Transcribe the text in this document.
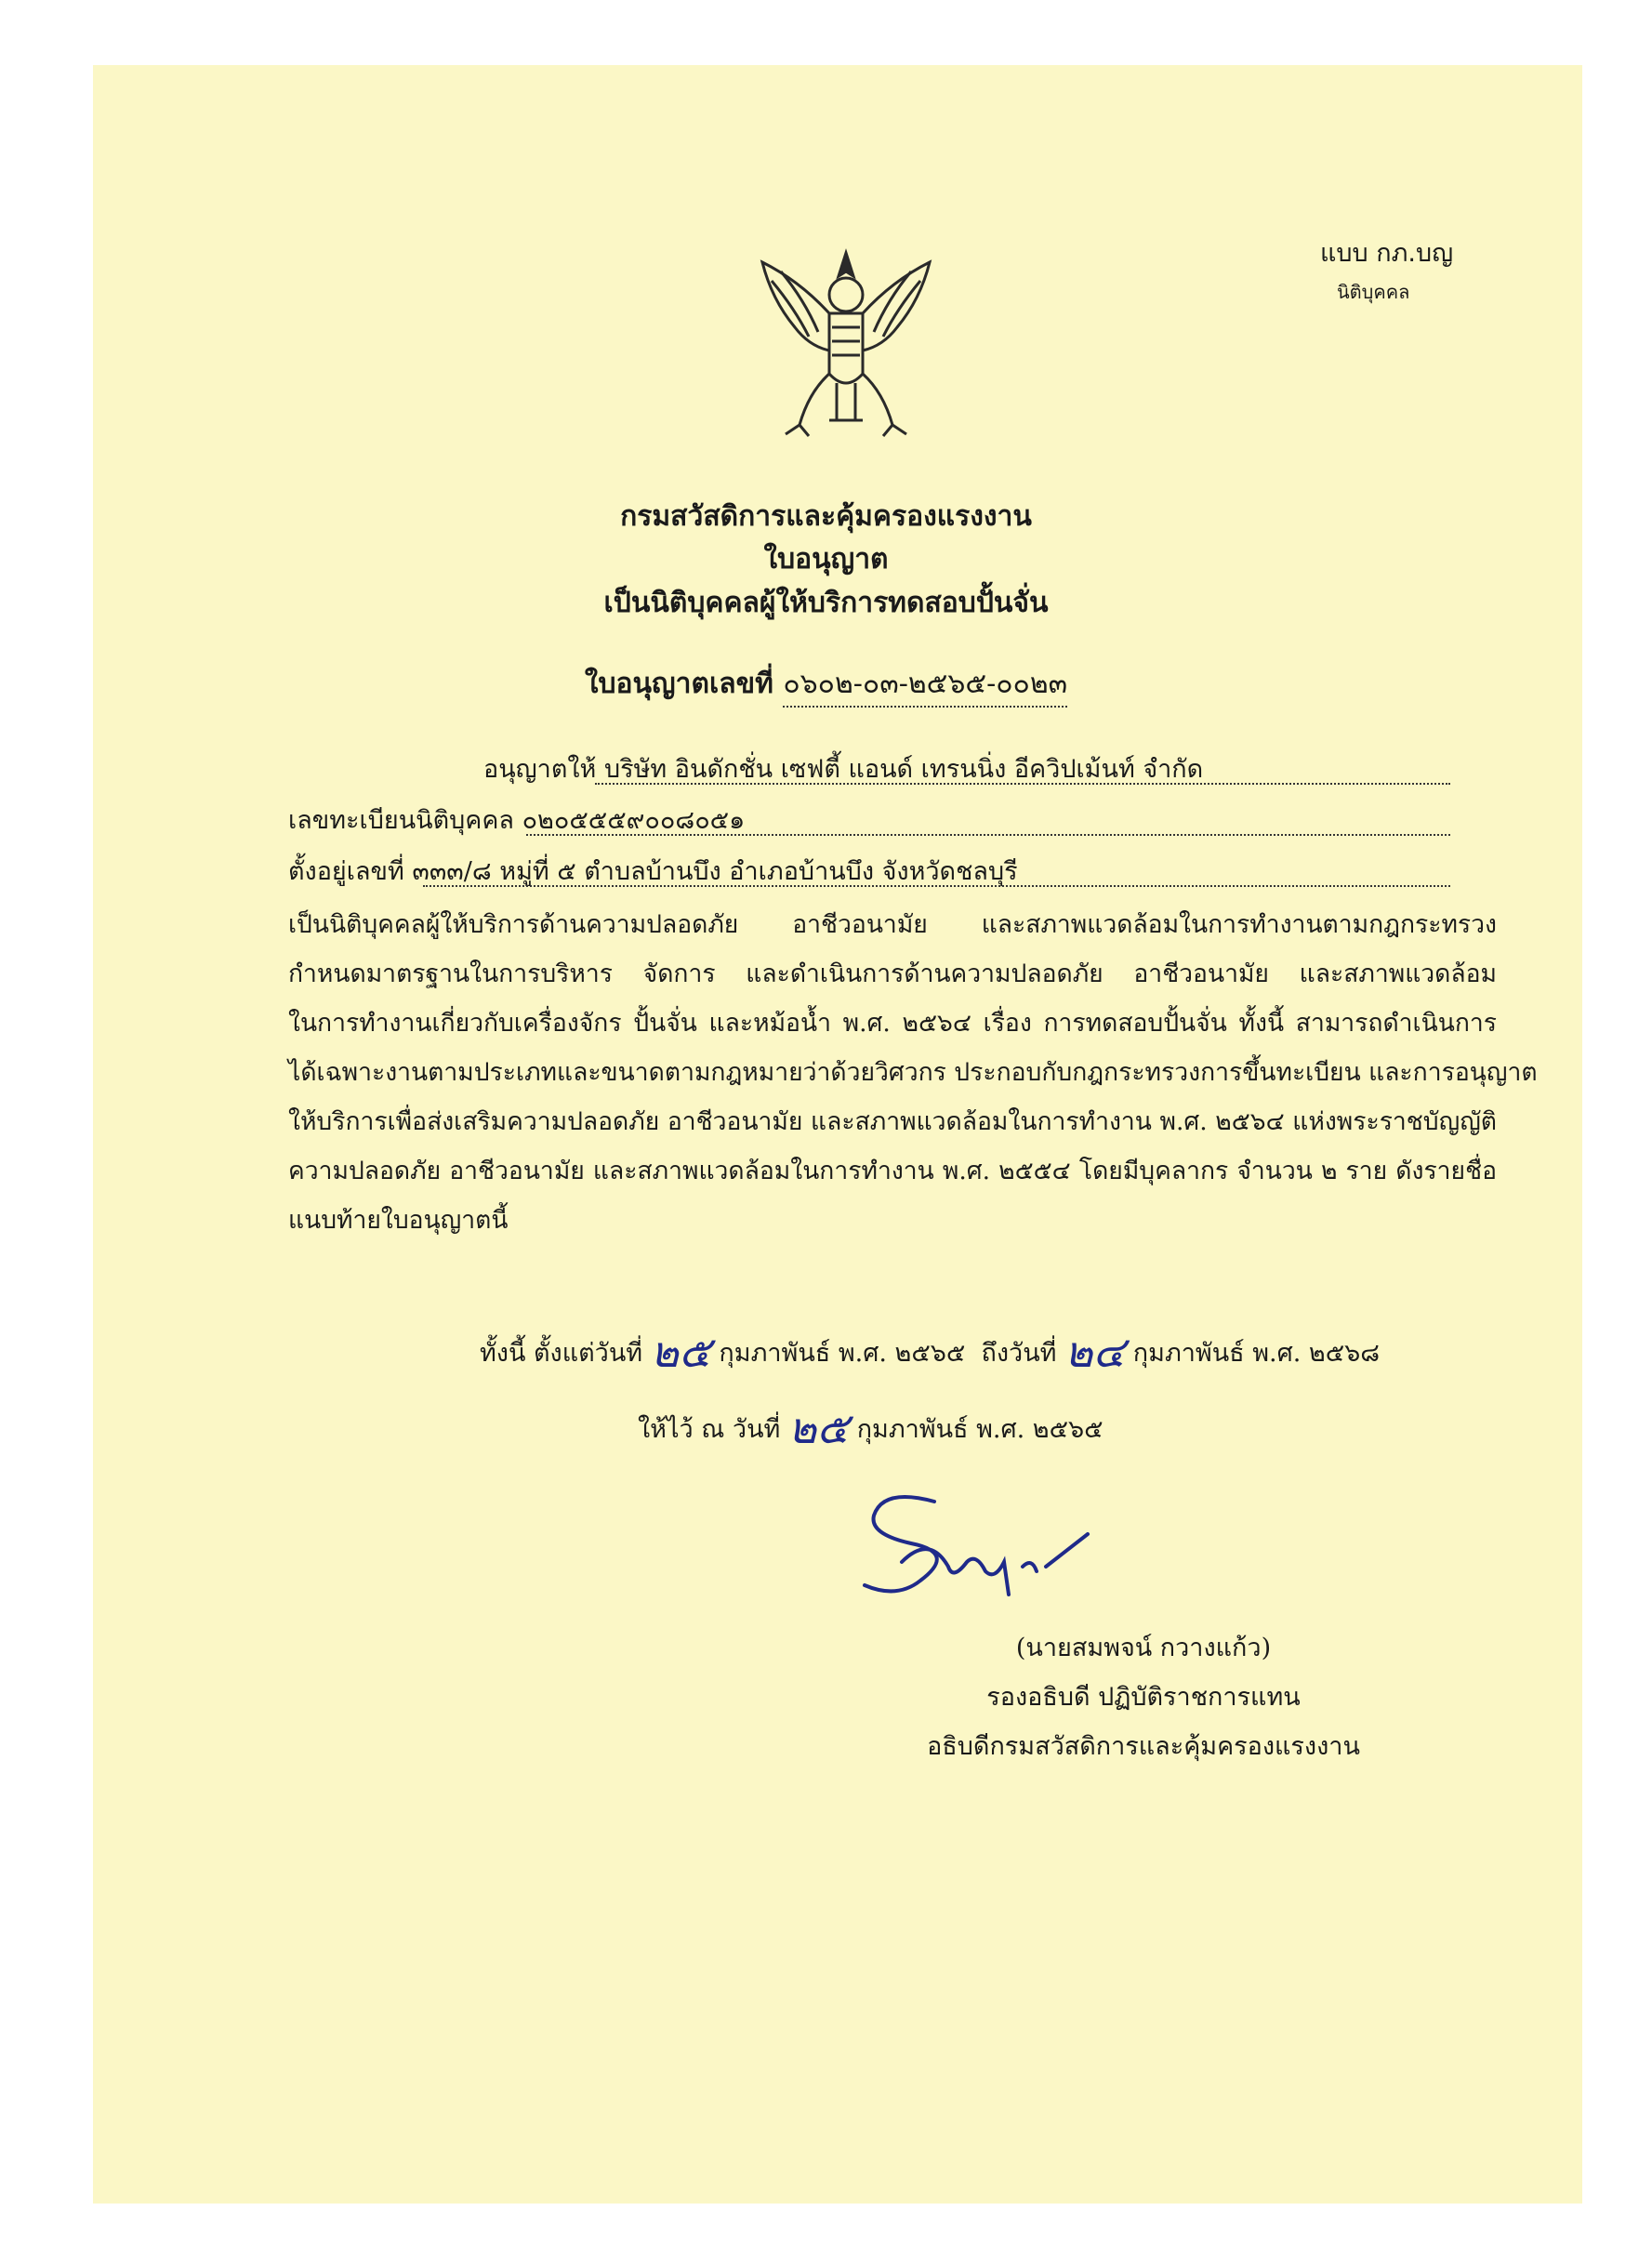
แบบ กภ.บญ
นิติบุคคล
กรมสวัสดิการและคุ้มครองแรงงาน
ใบอนุญาต
เป็นนิติบุคคลผู้ให้บริการทดสอบปั้นจั่น
ใบอนุญาตเลขที่ ๐๖๐๒-๐๓-๒๕๖๕-๐๐๒๓
อนุญาตให้ บริษัท อินดักชั่น เซฟตี้ แอนด์ เทรนนิ่ง อีควิปเม้นท์ จำกัด
เลขทะเบียนนิติบุคคล ๐๒๐๕๕๕๙๐๐๘๐๕๑
ตั้งอยู่เลขที่ ๓๓๓/๘ หมู่ที่ ๕ ตำบลบ้านบึง อำเภอบ้านบึง จังหวัดชลบุรี
เป็นนิติบุคคลผู้ให้บริการด้านความปลอดภัย อาชีวอนามัย และสภาพแวดล้อมในการทำงานตามกฎกระทรวง
กำหนดมาตรฐานในการบริหาร จัดการ และดำเนินการด้านความปลอดภัย อาชีวอนามัย และสภาพแวดล้อม
ในการทำงานเกี่ยวกับเครื่องจักร ปั้นจั่น และหม้อน้ำ พ.ศ. ๒๕๖๔ เรื่อง การทดสอบปั้นจั่น ทั้งนี้ สามารถดำเนินการ
ได้เฉพาะงานตามประเภทและขนาดตามกฎหมายว่าด้วยวิศวกร ประกอบกับกฎกระทรวงการขึ้นทะเบียน และการอนุญาต
ให้บริการเพื่อส่งเสริมความปลอดภัย อาชีวอนามัย และสภาพแวดล้อมในการทำงาน พ.ศ. ๒๕๖๔ แห่งพระราชบัญญัติ
ความปลอดภัย อาชีวอนามัย และสภาพแวดล้อมในการทำงาน พ.ศ. ๒๕๕๔ โดยมีบุคลากร จำนวน ๒ ราย ดังรายชื่อ
แนบท้ายใบอนุญาตนี้
ทั้งนี้ ตั้งแต่วันที่ ๒๕ กุมภาพันธ์ พ.ศ. ๒๕๖๕ ถึงวันที่ ๒๔ กุมภาพันธ์ พ.ศ. ๒๕๖๘
ให้ไว้ ณ วันที่ ๒๕ กุมภาพันธ์ พ.ศ. ๒๕๖๕
(นายสมพจน์ กวางแก้ว)
รองอธิบดี ปฏิบัติราชการแทน
อธิบดีกรมสวัสดิการและคุ้มครองแรงงาน
